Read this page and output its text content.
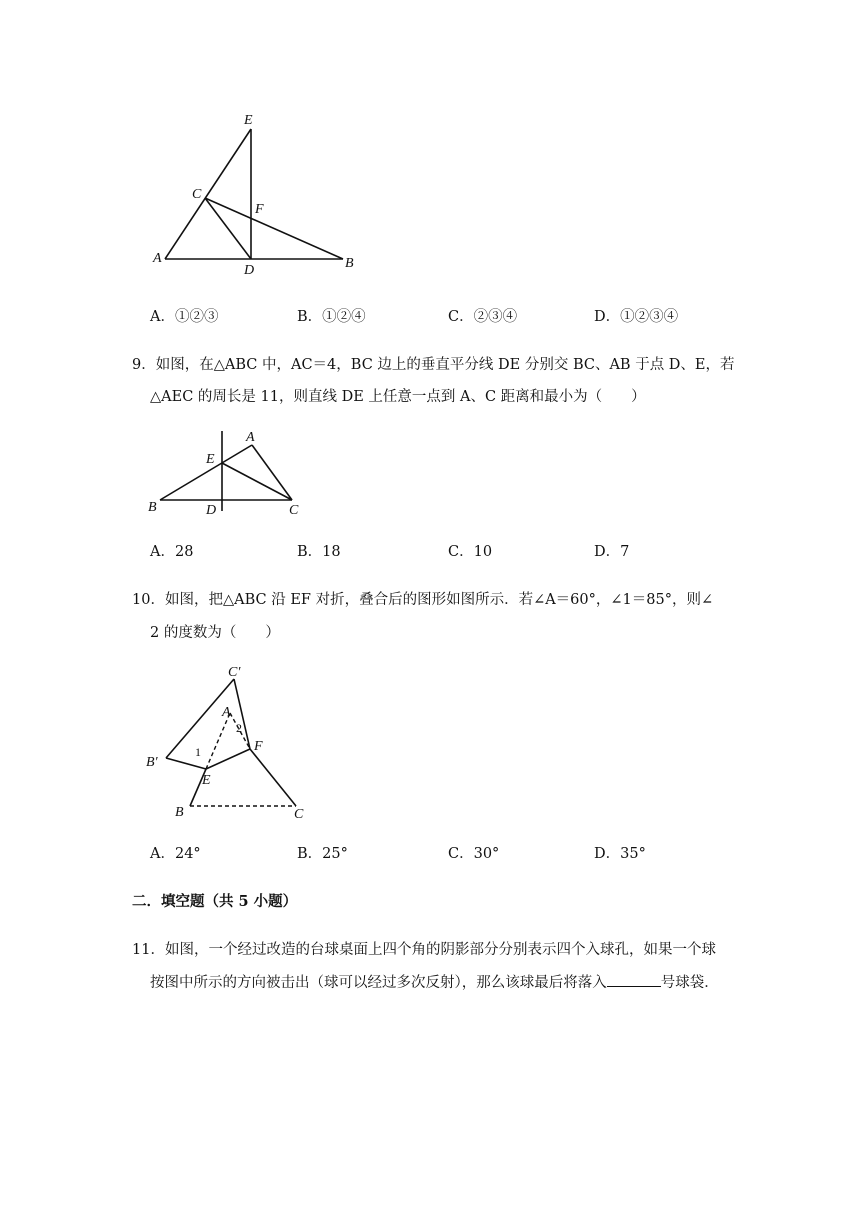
E
C
F
A
D	B
A．①②③	B．①②④	C．②③④	D．①②③④
9．如图，在△ABC 中，AC＝4，BC 边上的垂直平分线 DE 分别交 BC、AB 于点 D、E，若
△AEC 的周长是 11，则直线 DE 上任意一点到 A、C 距离和最小为（　　）
A
E
B	D	C
A．28	B．18	C．10	D．7
10．如图，把△ABC 沿 EF 对折，叠合后的图形如图所示．若∠A＝60°，∠1＝85°，则∠
2 的度数为（　　）
C′
A
2
F
1
B′
E
B	C
A．24°	B．25°	C．30°	D．35°
二．填空题（共 5 小题）
11．如图，一个经过改造的台球桌面上四个角的阴影部分分别表示四个入球孔，如果一个球
按图中所示的方向被击出（球可以经过多次反射），那么该球最后将落入	号球袋．
